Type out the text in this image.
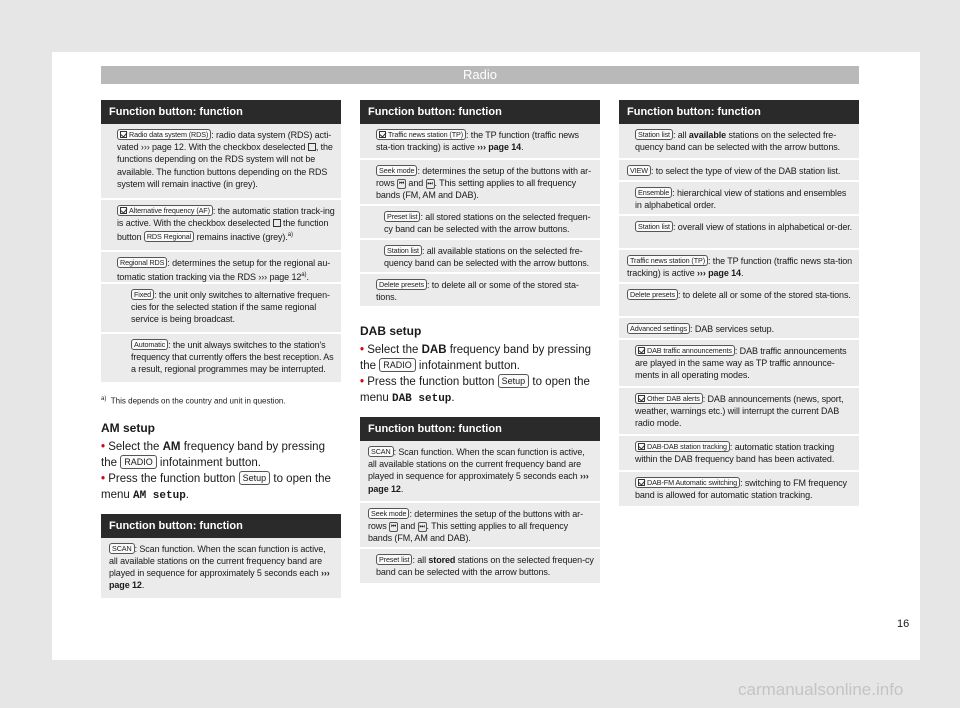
Radio
Function button: function
Radio data system (RDS) : radio data system (RDS) acti-vated ››› page 12. With the checkbox deselected , the functions depending on the RDS system will not be available. The function buttons depending on the RDS system will remain inactive (in grey).
Alternative frequency (AF) : the automatic station track-ing is active. With the checkbox deselected the function button RDS Regional remains inactive (grey).$^{a)}$
Regional RDS : determines the setup for the regional au-tomatic station tracking via the RDS ››› page 12$^{a)}$.
Fixed : the unit only switches to alternative frequen-cies for the selected station if the same regional service is being broadcast.
Automatic : the unit always switches to the station's frequency that currently offers the best reception. As a result, regional programmes may be interrupted.
$^{a)}$ This depends on the country and unit in question.
AM setup
• Select the AM frequency band by pressing the RADIO infotainment button.
• Press the function button Setup to open the menu AM setup.
Function button: function
SCAN : Scan function. When the scan function is active, all available stations on the current frequency band are played in sequence for approximately 5 seconds each ››› page 12.
Function button: function
Traffic news station (TP) : the TP function (traffic news sta-tion tracking) is active ››› page 14.
Seek mode : determines the setup of the buttons with ar-rows ⏮ and ⏭ . This setting applies to all frequency bands (FM, AM and DAB).
Preset list : all stored stations on the selected frequen-cy band can be selected with the arrow buttons.
Station list : all available stations on the selected fre-quency band can be selected with the arrow buttons.
Delete presets : to delete all or some of the stored sta-tions.
DAB setup
• Select the DAB frequency band by pressing the RADIO infotainment button.
• Press the function button Setup to open the menu DAB setup.
Function button: function
SCAN : Scan function. When the scan function is active, all available stations on the current frequency band are played in sequence for approximately 5 seconds each ››› page 12.
Seek mode : determines the setup of the buttons with ar-rows ⏮ and ⏭ . This setting applies to all frequency bands (FM, AM and DAB).
Preset list : all stored stations on the selected frequen-cy band can be selected with the arrow buttons.
Function button: function
Station list : all available stations on the selected fre-quency band can be selected with the arrow buttons.
VIEW : to select the type of view of the DAB station list.
Ensemble : hierarchical view of stations and ensembles in alphabetical order.
Station list : overall view of stations in alphabetical or-der.
Traffic news station (TP) : the TP function (traffic news sta-tion tracking) is active ››› page 14.
Delete presets : to delete all or some of the stored sta-tions.
Advanced settings : DAB services setup.
DAB traffic announcements : DAB traffic announcements are played in the same way as TP traffic announce-ments in all operating modes.
Other DAB alerts : DAB announcements (news, sport, weather, warnings etc.) will interrupt the current DAB radio mode.
DAB-DAB station tracking : automatic station tracking within the DAB frequency band has been activated.
DAB-FM Automatic switching : switching to FM frequency band is allowed for automatic station tracking.
16
carmanualsonline.info
